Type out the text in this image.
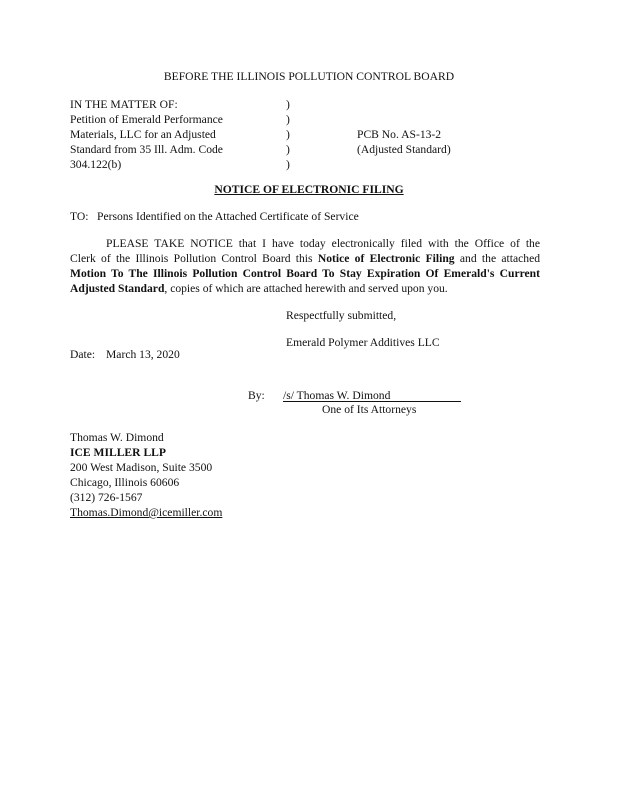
BEFORE THE ILLINOIS POLLUTION CONTROL BOARD
IN THE MATTER OF:
Petition of Emerald Performance
Materials, LLC for an Adjusted
Standard from 35 Ill. Adm. Code
304.122(b)
)
)
)
)
)
PCB No. AS-13-2
(Adjusted Standard)
NOTICE OF ELECTRONIC FILING
TO: Persons Identified on the Attached Certificate of Service
PLEASE TAKE NOTICE that I have today electronically filed with the Office of the
Clerk of the Illinois Pollution Control Board this Notice of Electronic Filing and the attached
Motion To The Illinois Pollution Control Board To Stay Expiration Of Emerald's Current
Adjusted Standard, copies of which are attached herewith and served upon you.
Respectfully submitted,
Emerald Polymer Additives LLC
Date: March 13, 2020
By: /s/ Thomas W. Dimond
One of Its Attorneys
Thomas W. Dimond
ICE MILLER LLP
200 West Madison, Suite 3500
Chicago, Illinois 60606
(312) 726-1567
Thomas.Dimond@icemiller.com
